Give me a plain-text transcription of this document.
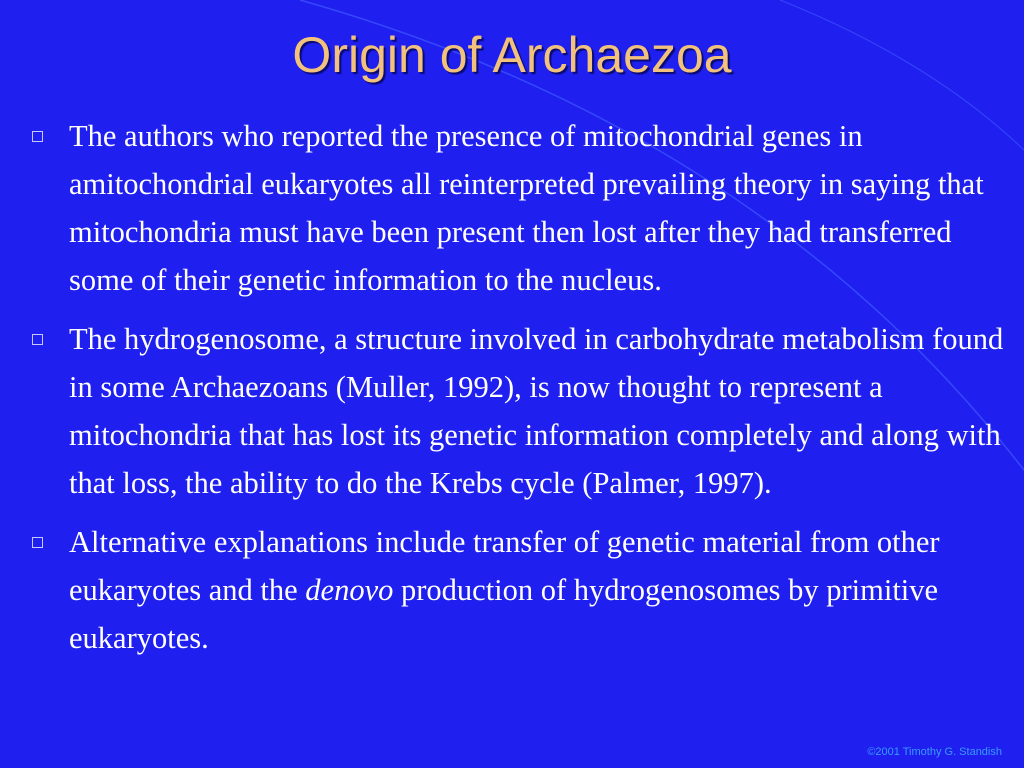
Origin of Archaezoa
The authors who reported the presence of mitochondrial genes in amitochondrial eukaryotes all reinterpreted prevailing theory in saying that mitochondria must have been present then lost after they had transferred some of their genetic information to the nucleus.
The hydrogenosome, a structure involved in carbohydrate metabolism found in some Archaezoans (Muller, 1992), is now thought to represent a mitochondria that has lost its genetic information completely and along with that loss, the ability to do the Krebs cycle (Palmer, 1997).
Alternative explanations include transfer of genetic material from other eukaryotes and the denovo production of hydrogenosomes by primitive eukaryotes.
©2001 Timothy G. Standish
